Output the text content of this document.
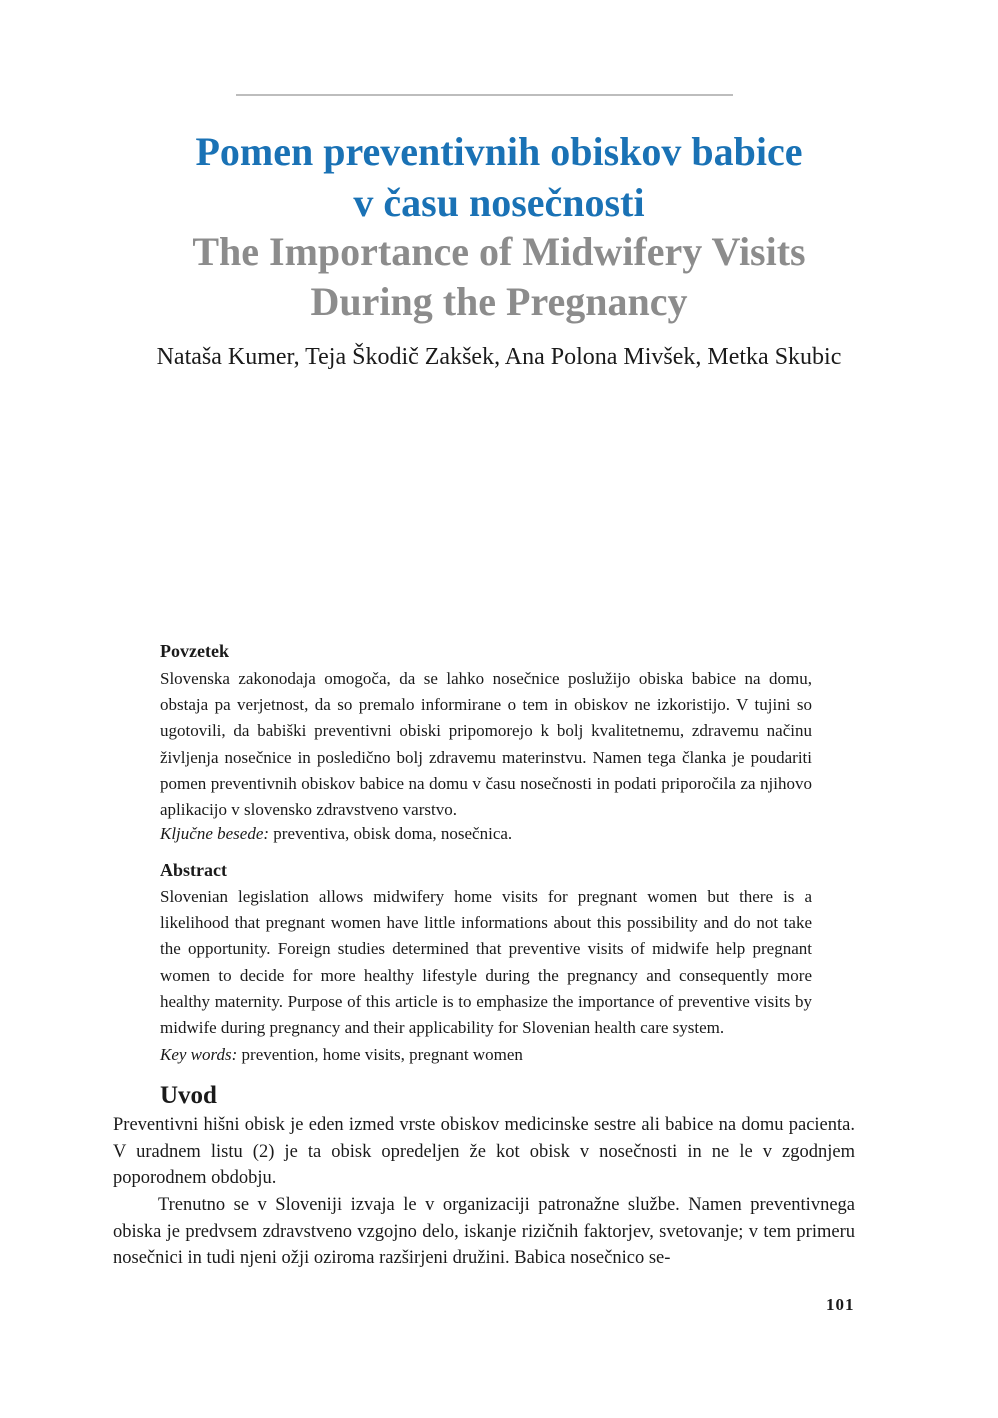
Pomen preventivnih obiskov babice
v času nosečnosti
The Importance of Midwifery Visits
During the Pregnancy
Nataša Kumer, Teja Škodič Zakšek, Ana Polona Mivšek, Metka Skubic
Povzetek

Slovenska zakonodaja omogoča, da se lahko nosečnice poslužijo obiska babice na domu, obstaja pa verjetnost, da so premalo informirane o tem in obiskov ne izkoristijo. V tujini so ugotovili, da babiški preventivni obiski pripomorejo k bolj kvalitetnemu, zdravemu načinu življenja nosečnice in posledično bolj zdravemu materinstvu. Namen tega članka je poudariti pomen preventivnih obiskov babice na domu v času nosečnosti in podati priporočila za njihovo aplikacijo v slovensko zdravstveno varstvo.

Ključne besede: preventiva, obisk doma, nosečnica.
Abstract

Slovenian legislation allows midwifery home visits for pregnant women but there is a likelihood that pregnant women have little informations about this possibility and do not take the opportunity. Foreign studies determined that preventive visits of midwife help pregnant women to decide for more healthy lifestyle during the pregnancy and consequently more healthy maternity. Purpose of this article is to emphasize the importance of preventive visits by midwife during pregnancy and their applicability for Slovenian health care system.

Key words: prevention, home visits, pregnant women
Uvod

Preventivni hišni obisk je eden izmed vrste obiskov medicinske sestre ali babice na domu pacienta. V uradnem listu (2) je ta obisk opredeljen že kot obisk v nosečnosti in ne le v zgodnjem poporodnem obdobju.

Trenutno se v Sloveniji izvaja le v organizaciji patronažne službe. Namen preventivnega obiska je predvsem zdravstveno vzgojno delo, iskanje rizičnih faktorjev, svetovanje; v tem primeru nosečnici in tudi njeni ožji oziroma razširjeni družini. Babica nosečnico se-

101
